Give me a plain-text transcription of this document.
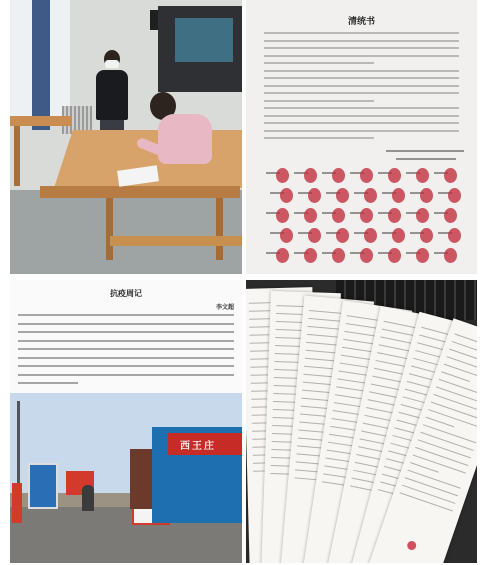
清统书
抗疫周记
李文超
西王庄
